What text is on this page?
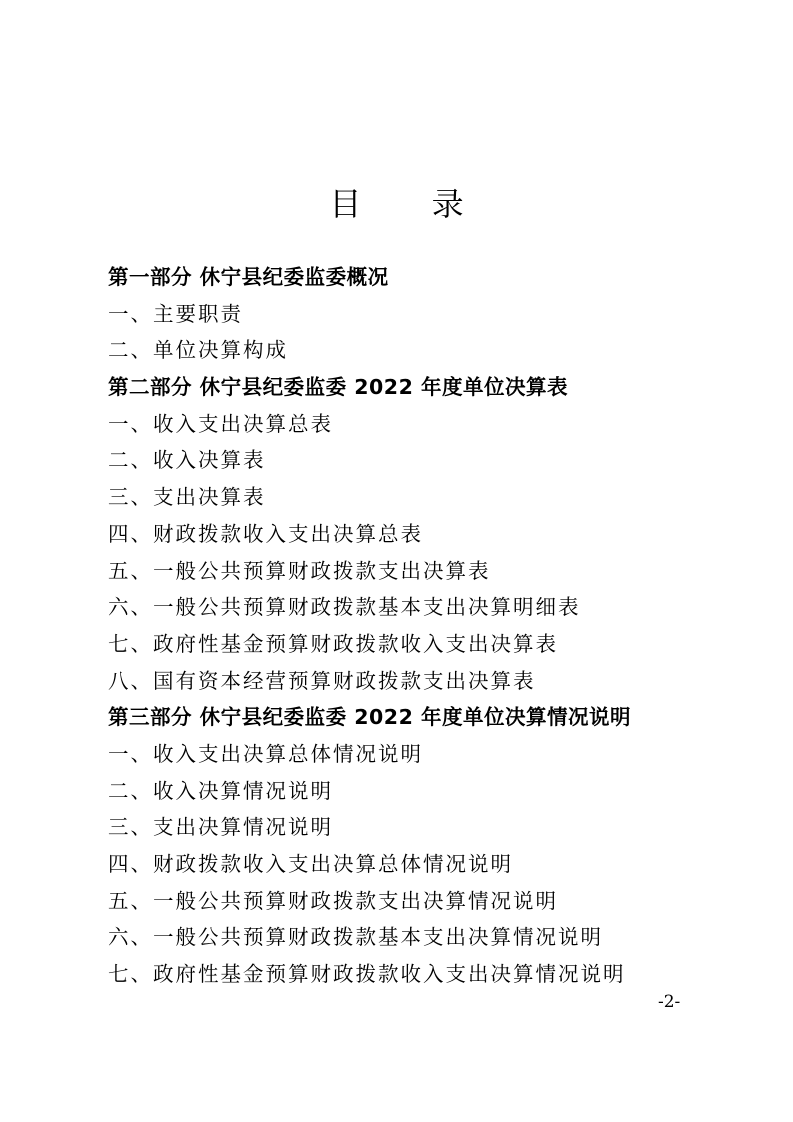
目 录
第一部分 休宁县纪委监委概况
一、主要职责
二、单位决算构成
第二部分 休宁县纪委监委 2022 年度单位决算表
一、收入支出决算总表
二、收入决算表
三、支出决算表
四、财政拨款收入支出决算总表
五、一般公共预算财政拨款支出决算表
六、一般公共预算财政拨款基本支出决算明细表
七、政府性基金预算财政拨款收入支出决算表
八、国有资本经营预算财政拨款支出决算表
第三部分 休宁县纪委监委 2022 年度单位决算情况说明
一、收入支出决算总体情况说明
二、收入决算情况说明
三、支出决算情况说明
四、财政拨款收入支出决算总体情况说明
五、一般公共预算财政拨款支出决算情况说明
六、一般公共预算财政拨款基本支出决算情况说明
七、政府性基金预算财政拨款收入支出决算情况说明
-2-
